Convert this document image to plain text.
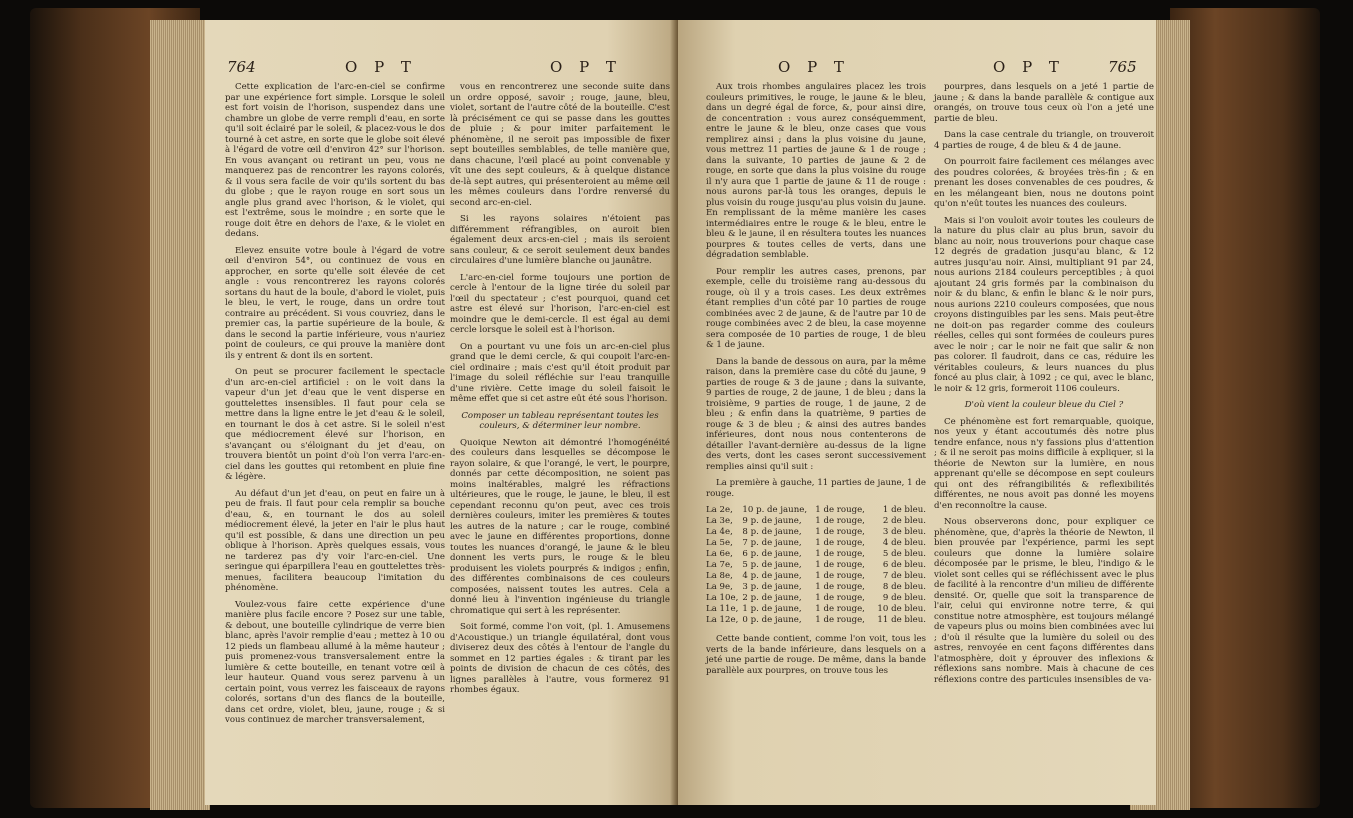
764	O P T	O P T

Cette explication de l'arc-en-ciel se confirme par une expérience fort simple. Lorsque le soleil est fort voisin de l'horison, suspendez dans une chambre un globe de verre rempli d'eau, en sorte qu'il soit éclairé par le soleil, & placez-vous le dos tourné à cet astre, en sorte que le globe soit élevé à l'égard de votre œil d'environ 42° sur l'horison. En vous avançant ou retirant un peu, vous ne manquerez pas de rencontrer les rayons colorés, & il vous sera facile de voir qu'ils sortent du bas du globe ; que le rayon rouge en sort sous un angle plus grand avec l'horison, & le violet, qui est l'extrême, sous le moindre ; en sorte que le rouge doit être en dehors de l'axe, & le violet en dedans.

Elevez ensuite votre boule à l'égard de votre œil d'environ 54°, ou continuez de vous en approcher, en sorte qu'elle soit élevée de cet angle : vous rencontrerez les rayons colorés sortans du haut de la boule, d'abord le violet, puis le bleu, le vert, le rouge, dans un ordre tout contraire au précédent. Si vous couvriez, dans le premier cas, la partie supérieure de la boule, & dans le second la partie inférieure, vous n'auriez point de couleurs, ce qui prouve la manière dont ils y entrent & dont ils en sortent.

On peut se procurer facilement le spectacle d'un arc-en-ciel artificiel : on le voit dans la vapeur d'un jet d'eau que le vent disperse en gouttelettes insensibles. Il faut pour cela se mettre dans la ligne entre le jet d'eau & le soleil, en tournant le dos à cet astre. Si le soleil n'est que médiocrement élevé sur l'horison, en s'avançant ou s'éloignant du jet d'eau, on trouvera bientôt un point d'où l'on verra l'arc-en-ciel dans les gouttes qui retombent en pluie fine & légère.

Au défaut d'un jet d'eau, on peut en faire un à peu de frais. Il faut pour cela remplir sa bouche d'eau, &, en tournant le dos au soleil médiocrement élevé, la jeter en l'air le plus haut qu'il est possible, & dans une direction un peu oblique à l'horison. Après quelques essais, vous ne tarderez pas d'y voir l'arc-en-ciel. Une seringue qui éparpillera l'eau en gouttelettes très-menues, facilitera beaucoup l'imitation du phénomène.

Voulez-vous faire cette expérience d'une manière plus facile encore ? Posez sur une table, & debout, une bouteille cylindrique de verre bien blanc, après l'avoir remplie d'eau ; mettez à 10 ou 12 pieds un flambeau allumé à la même hauteur ; puis promenez-vous transversalement entre la lumière & cette bouteille, en tenant votre œil à leur hauteur. Quand vous serez parvenu à un certain point, vous verrez les faisceaux de rayons colorés, sortans d'un des flancs de la bouteille, dans cet ordre, violet, bleu, jaune, rouge ; & si vous continuez de marcher transversalement,

vous en rencontrerez une seconde suite dans un ordre opposé, savoir ; rouge, jaune, bleu, violet, sortant de l'autre côté de la bouteille. C'est là précisément ce qui se passe dans les gouttes de pluie ; & pour imiter parfaitement le phénomène, il ne seroit pas impossible de fixer sept bouteilles semblables, de telle manière que, dans chacune, l'œil placé au point convenable y vît une des sept couleurs, & à quelque distance de-là sept autres, qui présenteroient au même œil les mêmes couleurs dans l'ordre renversé du second arc-en-ciel.

Si les rayons solaires n'étoient pas différemment réfrangibles, on auroit bien également deux arcs-en-ciel ; mais ils seroient sans couleur, & ce seroit seulement deux bandes circulaires d'une lumière blanche ou jaunâtre.

L'arc-en-ciel forme toujours une portion de cercle à l'entour de la ligne tirée du soleil par l'œil du spectateur ; c'est pourquoi, quand cet astre est élevé sur l'horison, l'arc-en-ciel est moindre que le demi-cercle. Il est égal au demi cercle lorsque le soleil est à l'horison.

On a pourtant vu une fois un arc-en-ciel plus grand que le demi cercle, & qui coupoit l'arc-en-ciel ordinaire ; mais c'est qu'il étoit produit par l'image du soleil réfléchie sur l'eau tranquille d'une rivière. Cette image du soleil faisoit le même effet que si cet astre eût été sous l'horison.

Composer un tableau représentant toutes les couleurs, & déterminer leur nombre.

Quoique Newton ait démontré l'homogénéité des couleurs dans lesquelles se décompose le rayon solaire, & que l'orangé, le vert, le pourpre, donnés par cette décomposition, ne soient pas moins inaltérables, malgré les réfractions ultérieures, que le rouge, le jaune, le bleu, il est cependant reconnu qu'on peut, avec ces trois dernières couleurs, imiter les premières & toutes les autres de la nature ; car le rouge, combiné avec le jaune en différentes proportions, donne toutes les nuances d'orangé, le jaune & le bleu donnent les verts purs, le rouge & le bleu produisent les violets pourprés & indigos ; enfin, des différentes combinaisons de ces couleurs composées, naissent toutes les autres. Cela a donné lieu à l'invention ingénieuse du triangle chromatique qui sert à les représenter.

Soit formé, comme l'on voit, (pl. 1. Amusemens d'Acoustique.) un triangle équilatéral, dont vous diviserez deux des côtés à l'entour de l'angle du sommet en 12 parties égales : & tirant par les points de division de chacun de ces côtés, des lignes parallèles à l'autre, vous formerez 91 rhombes égaux.

O P T	O P T	765

Aux trois rhombes angulaires placez les trois couleurs primitives, le rouge, le jaune & le bleu, dans un degré égal de force, &, pour ainsi dire, de concentration : vous aurez conséquemment, entre le jaune & le bleu, onze cases que vous remplirez ainsi ; dans la plus voisine du jaune, vous mettrez 11 parties de jaune & 1 de rouge ; dans la suivante, 10 parties de jaune & 2 de rouge, en sorte que dans la plus voisine du rouge il n'y aura que 1 partie de jaune & 11 de rouge : nous aurons par-là tous les oranges, depuis le plus voisin du rouge jusqu'au plus voisin du jaune. En remplissant de la même manière les cases intermédiaires entre le rouge & le bleu, entre le bleu & le jaune, il en résultera toutes les nuances pourpres & toutes celles de verts, dans une dégradation semblable.

Pour remplir les autres cases, prenons, par exemple, celle du troisième rang au-dessous du rouge, où il y a trois cases. Les deux extrêmes étant remplies d'un côté par 10 parties de rouge combinées avec 2 de jaune, & de l'autre par 10 de rouge combinées avec 2 de bleu, la case moyenne sera composée de 10 parties de rouge, 1 de bleu & 1 de jaune.

Dans la bande de dessous on aura, par la même raison, dans la première case du côté du jaune, 9 parties de rouge & 3 de jaune ; dans la suivante, 9 parties de rouge, 2 de jaune, 1 de bleu ; dans la troisième, 9 parties de rouge, 1 de jaune, 2 de bleu ; & enfin dans la quatrième, 9 parties de rouge & 3 de bleu ; & ainsi des autres bandes inférieures, dont nous nous contenterons de détailler l'avant-dernière au-dessus de la ligne des verts, dont les cases seront successivement remplies ainsi qu'il suit :

La première à gauche, 11 parties de jaune, 1 de rouge.

La 2e,	10 p. de jaune,	1 de rouge,	1 de bleu.
La 3e,	9 p. de jaune,	1 de rouge,	2 de bleu.
La 4e,	8 p. de jaune,	1 de rouge,	3 de bleu.
La 5e,	7 p. de jaune,	1 de rouge,	4 de bleu.
La 6e,	6 p. de jaune,	1 de rouge,	5 de bleu.
La 7e,	5 p. de jaune,	1 de rouge,	6 de bleu.
La 8e,	4 p. de jaune,	1 de rouge,	7 de bleu.
La 9e,	3 p. de jaune,	1 de rouge,	8 de bleu.
La 10e,	2 p. de jaune,	1 de rouge,	9 de bleu.
La 11e,	1 p. de jaune,	1 de rouge,	10 de bleu.
La 12e,	0 p. de jaune,	1 de rouge,	11 de bleu.

Cette bande contient, comme l'on voit, tous les verts de la bande inférieure, dans lesquels on a jeté une partie de rouge. De même, dans la bande parallèle aux pourpres, on trouve tous les

pourpres, dans lesquels on a jeté 1 partie de jaune ; & dans la bande parallèle & contigue aux orangés, on trouve tous ceux où l'on a jeté une partie de bleu.

Dans la case centrale du triangle, on trouveroit 4 parties de rouge, 4 de bleu & 4 de jaune.

On pourroit faire facilement ces mélanges avec des poudres colorées, & broyées très-fin ; & en prenant les doses convenables de ces poudres, & en les mélangeant bien, nous ne doutons point qu'on n'eût toutes les nuances des couleurs.

Mais si l'on vouloit avoir toutes les couleurs de la nature du plus clair au plus brun, savoir du blanc au noir, nous trouverions pour chaque case 12 degrés de gradation jusqu'au blanc, & 12 autres jusqu'au noir. Ainsi, multipliant 91 par 24, nous aurions 2184 couleurs perceptibles ; à quoi ajoutant 24 gris formés par la combinaison du noir & du blanc, & enfin le blanc & le noir purs, nous aurions 2210 couleurs composées, que nous croyons distinguibles par les sens. Mais peut-être ne doit-on pas regarder comme des couleurs réelles, celles qui sont formées de couleurs pures avec le noir ; car le noir ne fait que salir & non pas colorer. Il faudroit, dans ce cas, réduire les véritables couleurs, & leurs nuances du plus foncé au plus clair, à 1092 ; ce qui, avec le blanc, le noir & 12 gris, formeroit 1106 couleurs.

D'où vient la couleur bleue du Ciel ?

Ce phénomène est fort remarquable, quoique, nos yeux y étant accoutumés dès notre plus tendre enfance, nous n'y fassions plus d'attention ; & il ne seroit pas moins difficile à expliquer, si la théorie de Newton sur la lumière, en nous apprenant qu'elle se décompose en sept couleurs qui ont des réfrangibilités & reflexibilités différentes, ne nous avoit pas donné les moyens d'en reconnoître la cause.

Nous observerons donc, pour expliquer ce phénomène, que, d'après la théorie de Newton, il bien prouvée par l'expérience, parmi les sept couleurs que donne la lumière solaire décomposée par le prisme, le bleu, l'indigo & le violet sont celles qui se réfléchissent avec le plus de facilité à la rencontre d'un milieu de différente densité. Or, quelle que soit la transparence de l'air, celui qui environne notre terre, & qui constitue notre atmosphère, est toujours mélangé de vapeurs plus ou moins bien combinées avec lui ; d'où il résulte que la lumière du soleil ou des astres, renvoyée en cent façons différentes dans l'atmosphère, doit y éprouver des inflexions & réflexions sans nombre. Mais à chacune de ces réflexions contre des particules insensibles de va-
